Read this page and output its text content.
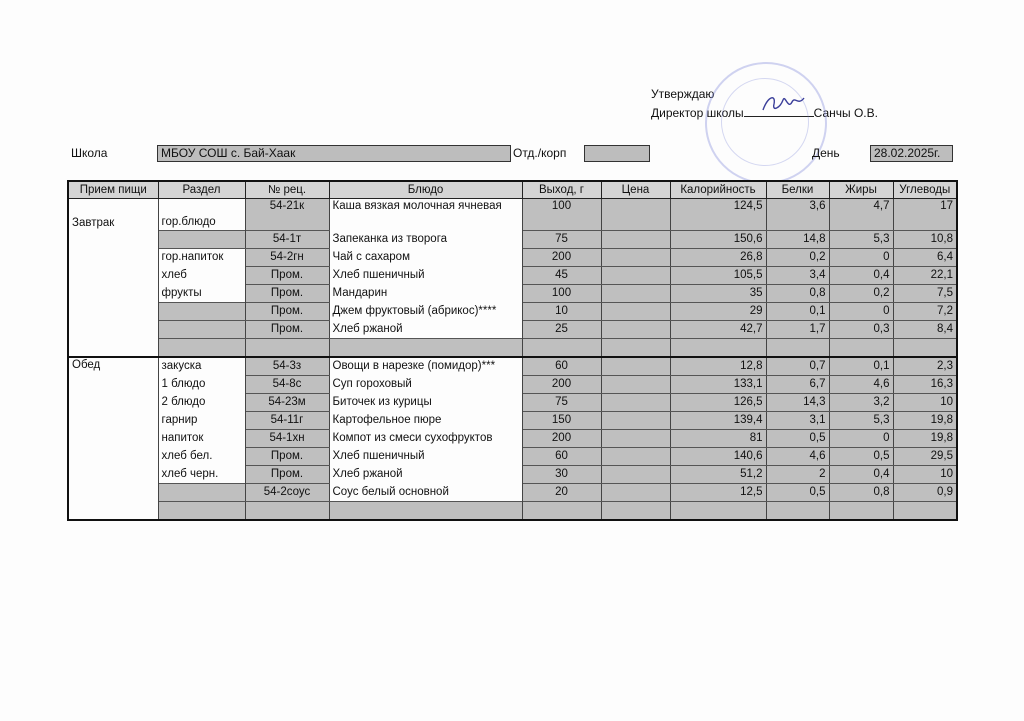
Утверждаю
Директор школы	Санчы О.В.
Школа	МБОУ СОШ с. Бай-Хаак	Отд./корп	День	28.02.2025г.
Прием пищи	Раздел	№ рец.	Блюдо	Выход, г	Цена	Калорийность	Белки	Жиры	Углеводы
Завтрак	гор.блюдо	54-21к	Каша вязкая молочная ячневая	100		124,5	3,6	4,7	17
		54-1т	Запеканка из творога	75		150,6	14,8	5,3	10,8
	гор.напиток	54-2гн	Чай с сахаром	200		26,8	0,2	0	6,4
	хлеб	Пром.	Хлеб пшеничный	45		105,5	3,4	0,4	22,1
	фрукты	Пром.	Мандарин	100		35	0,8	0,2	7,5
		Пром.	Джем фруктовый (абрикос)****	10		29	0,1	0	7,2
		Пром.	Хлеб ржаной	25		42,7	1,7	0,3	8,4

Обед	закуска	54-3з	Овощи в нарезке (помидор)***	60		12,8	0,7	0,1	2,3
	1 блюдо	54-8с	Суп гороховый	200		133,1	6,7	4,6	16,3
	2 блюдо	54-23м	Биточек из курицы	75		126,5	14,3	3,2	10
	гарнир	54-11г	Картофельное пюре	150		139,4	3,1	5,3	19,8
	напиток	54-1хн	Компот из смеси сухофруктов	200		81	0,5	0	19,8
	хлеб бел.	Пром.	Хлеб пшеничный	60		140,6	4,6	0,5	29,5
	хлеб черн.	Пром.	Хлеб ржаной	30		51,2	2	0,4	10
		54-2соус	Соус белый основной	20		12,5	0,5	0,8	0,9
